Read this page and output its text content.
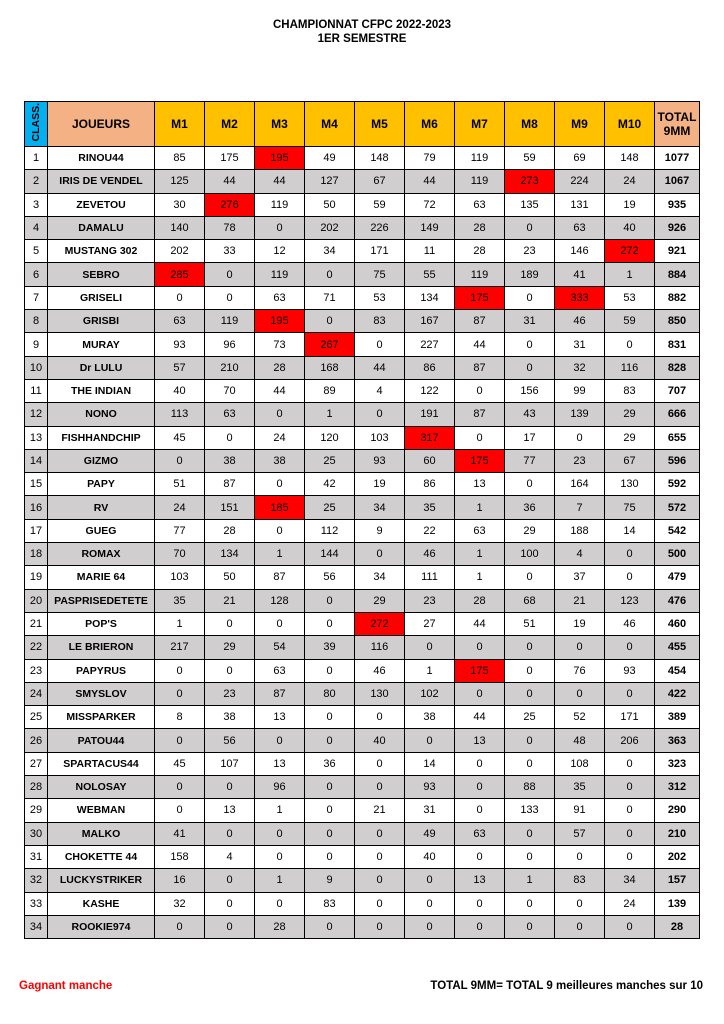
CHAMPIONNAT CFPC 2022-2023
1ER SEMESTRE
CLASS.	JOUEURS	M1	M2	M3	M4	M5	M6	M7	M8	M9	M10	TOTAL
9MM

1	RINOU44	85	175	195	49	148	79	119	59	69	148	1077
2	IRIS DE VENDEL	125	44	44	127	67	44	119	273	224	24	1067
3	ZEVETOU	30	276	119	50	59	72	63	135	131	19	935
4	DAMALU	140	78	0	202	226	149	28	0	63	40	926
5	MUSTANG 302	202	33	12	34	171	11	28	23	146	272	921
6	SEBRO	285	0	119	0	75	55	119	189	41	1	884
7	GRISELI	0	0	63	71	53	134	175	0	333	53	882
8	GRISBI	63	119	195	0	83	167	87	31	46	59	850
9	MURAY	93	96	73	267	0	227	44	0	31	0	831
10	Dr LULU	57	210	28	168	44	86	87	0	32	116	828
11	THE INDIAN	40	70	44	89	4	122	0	156	99	83	707
12	NONO	113	63	0	1	0	191	87	43	139	29	666
13	FISHHANDCHIP	45	0	24	120	103	317	0	17	0	29	655
14	GIZMO	0	38	38	25	93	60	175	77	23	67	596
15	PAPY	51	87	0	42	19	86	13	0	164	130	592
16	RV	24	151	185	25	34	35	1	36	7	75	572
17	GUEG	77	28	0	112	9	22	63	29	188	14	542
18	ROMAX	70	134	1	144	0	46	1	100	4	0	500
19	MARIE 64	103	50	87	56	34	111	1	0	37	0	479
20	PASPRISEDETETE	35	21	128	0	29	23	28	68	21	123	476
21	POP'S	1	0	0	0	272	27	44	51	19	46	460
22	LE BRIERON	217	29	54	39	116	0	0	0	0	0	455
23	PAPYRUS	0	0	63	0	46	1	175	0	76	93	454
24	SMYSLOV	0	23	87	80	130	102	0	0	0	0	422
25	MISSPARKER	8	38	13	0	0	38	44	25	52	171	389
26	PATOU44	0	56	0	0	40	0	13	0	48	206	363
27	SPARTACUS44	45	107	13	36	0	14	0	0	108	0	323
28	NOLOSAY	0	0	96	0	0	93	0	88	35	0	312
29	WEBMAN	0	13	1	0	21	31	0	133	91	0	290
30	MALKO	41	0	0	0	0	49	63	0	57	0	210
31	CHOKETTE 44	158	4	0	0	0	40	0	0	0	0	202
32	LUCKYSTRIKER	16	0	1	9	0	0	13	1	83	34	157
33	KASHE	32	0	0	83	0	0	0	0	0	24	139
34	ROOKIE974	0	0	28	0	0	0	0	0	0	0	28
Gagnant manche	TOTAL 9MM= TOTAL 9 meilleures manches sur 10
